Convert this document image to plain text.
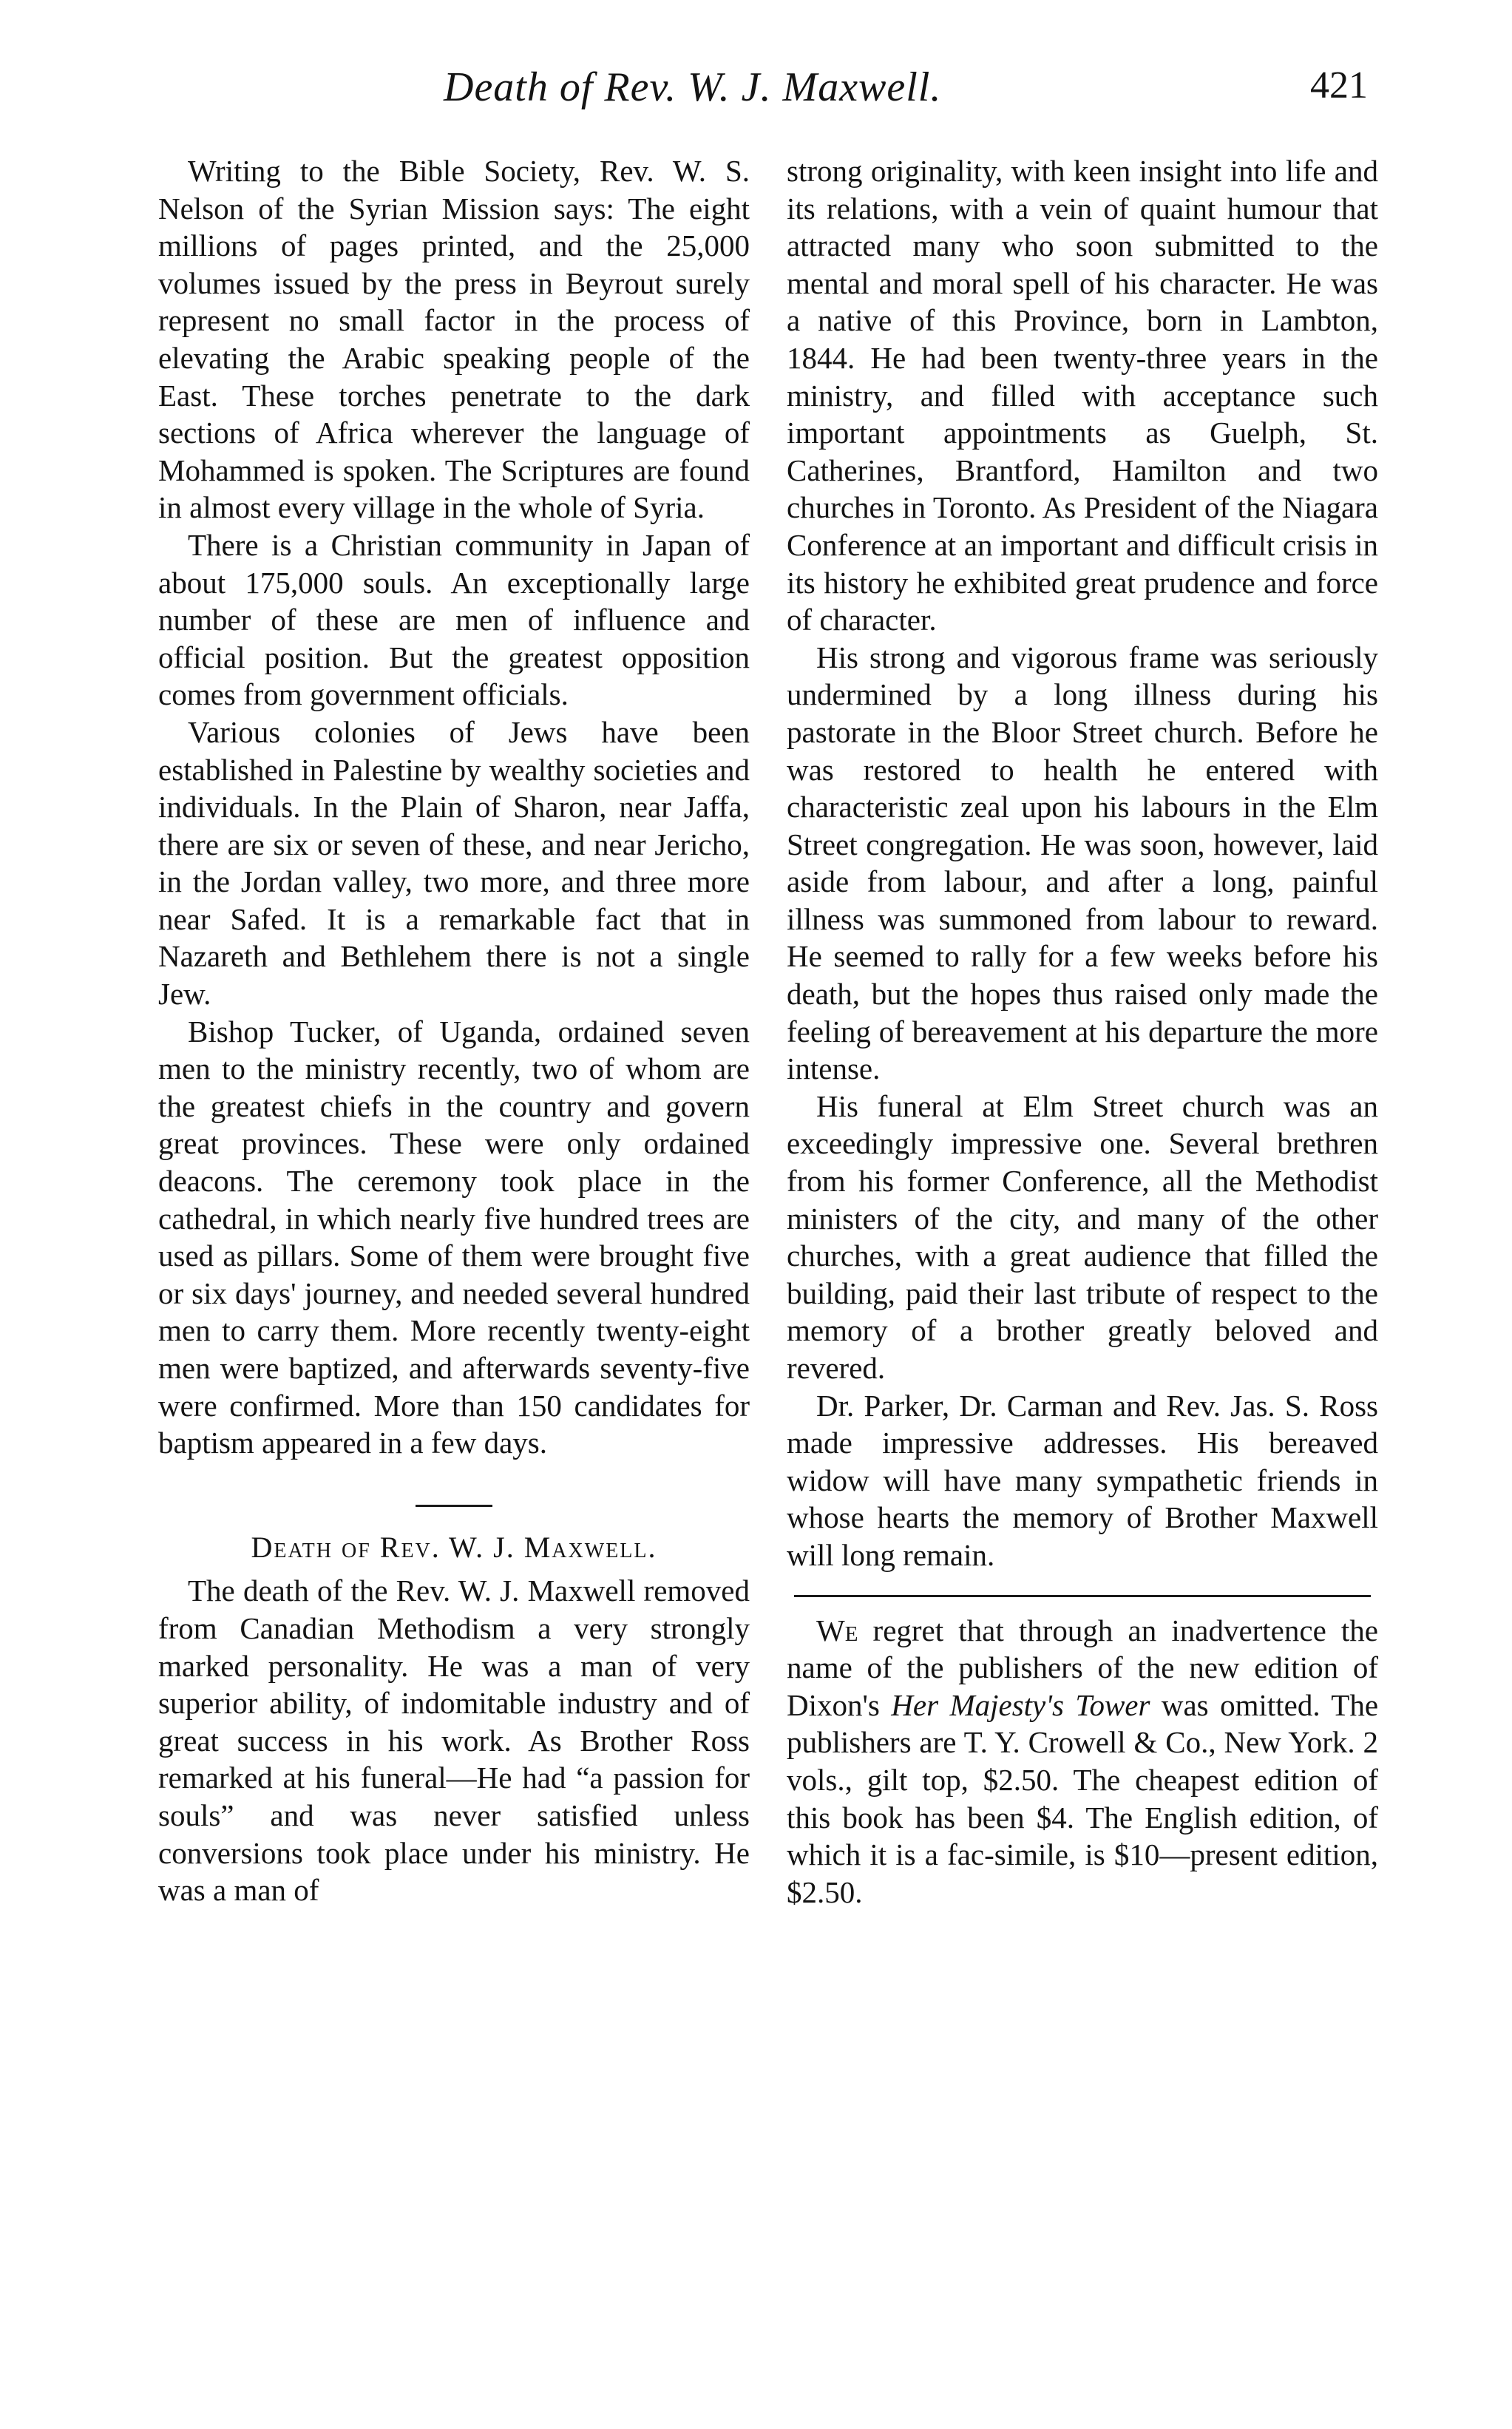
Death of Rev. W. J. Maxwell.	421

Writing to the Bible Society, Rev. W. S. Nelson of the Syrian Mission says: The eight millions of pages printed, and the 25,000 volumes issued by the press in Beyrout surely represent no small factor in the process of elevating the Arabic speaking people of the East. These torches penetrate to the dark sections of Africa wherever the language of Mohammed is spoken. The Scriptures are found in almost every village in the whole of Syria.

There is a Christian community in Japan of about 175,000 souls. An exceptionally large number of these are men of influence and official position. But the greatest opposition comes from government officials.

Various colonies of Jews have been established in Palestine by wealthy societies and individuals. In the Plain of Sharon, near Jaffa, there are six or seven of these, and near Jericho, in the Jordan valley, two more, and three more near Safed. It is a remarkable fact that in Nazareth and Bethlehem there is not a single Jew.

Bishop Tucker, of Uganda, ordained seven men to the ministry recently, two of whom are the greatest chiefs in the country and govern great provinces. These were only ordained deacons. The ceremony took place in the cathedral, in which nearly five hundred trees are used as pillars. Some of them were brought five or six days' journey, and needed several hundred men to carry them. More recently twenty-eight men were baptized, and afterwards seventy-five were confirmed. More than 150 candidates for baptism appeared in a few days.

Death of Rev. W. J. Maxwell.

The death of the Rev. W. J. Maxwell removed from Canadian Methodism a very strongly marked personality. He was a man of very superior ability, of indomitable industry and of great success in his work. As Brother Ross remarked at his funeral—He had “a passion for souls” and was never satisfied unless conversions took place under his ministry. He was a man of

strong originality, with keen insight into life and its relations, with a vein of quaint humour that attracted many who soon submitted to the mental and moral spell of his character. He was a native of this Province, born in Lambton, 1844. He had been twenty-three years in the ministry, and filled with acceptance such important appointments as Guelph, St. Catherines, Brantford, Hamilton and two churches in Toronto. As President of the Niagara Conference at an important and difficult crisis in its history he exhibited great prudence and force of character.

His strong and vigorous frame was seriously undermined by a long illness during his pastorate in the Bloor Street church. Before he was restored to health he entered with characteristic zeal upon his labours in the Elm Street congregation. He was soon, however, laid aside from labour, and after a long, painful illness was summoned from labour to reward. He seemed to rally for a few weeks before his death, but the hopes thus raised only made the feeling of bereavement at his departure the more intense.

His funeral at Elm Street church was an exceedingly impressive one. Several brethren from his former Conference, all the Methodist ministers of the city, and many of the other churches, with a great audience that filled the building, paid their last tribute of respect to the memory of a brother greatly beloved and revered.

Dr. Parker, Dr. Carman and Rev. Jas. S. Ross made impressive addresses. His bereaved widow will have many sympathetic friends in whose hearts the memory of Brother Maxwell will long remain.

We regret that through an inadvertence the name of the publishers of the new edition of Dixon's Her Majesty's Tower was omitted. The publishers are T. Y. Crowell & Co., New York. 2 vols., gilt top, $2.50. The cheapest edition of this book has been $4. The English edition, of which it is a fac-simile, is $10—present edition, $2.50.
